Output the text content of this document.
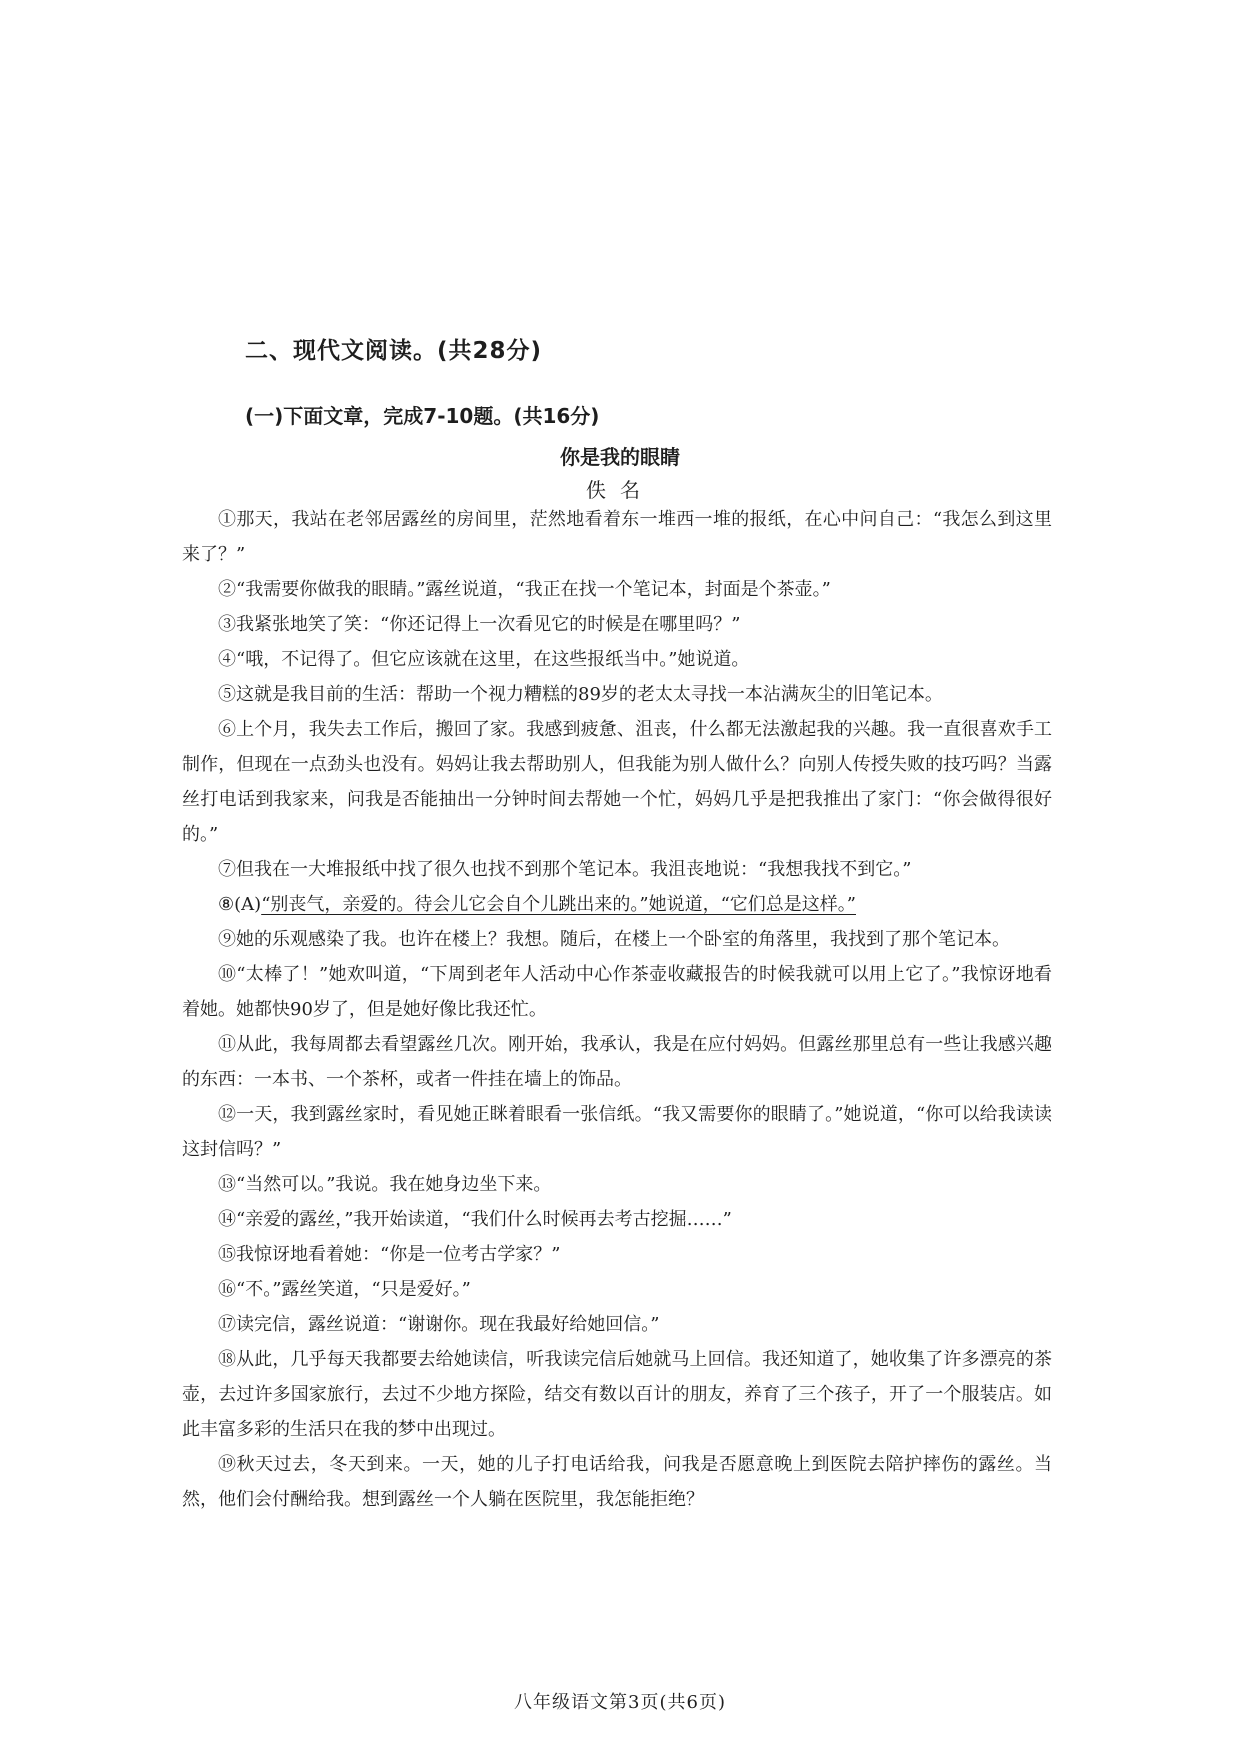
二、现代文阅读。(共28分)
(一)下面文章，完成7-10题。(共16分)
你是我的眼睛
佚名

①那天，我站在老邻居露丝的房间里，茫然地看着东一堆西一堆的报纸，在心中问自己：“我怎么到这里来了？”

②“我需要你做我的眼睛。”露丝说道，“我正在找一个笔记本，封面是个茶壶。”

③我紧张地笑了笑：“你还记得上一次看见它的时候是在哪里吗？”

④“哦，不记得了。但它应该就在这里，在这些报纸当中。”她说道。

⑤这就是我目前的生活：帮助一个视力糟糕的89岁的老太太寻找一本沾满灰尘的旧笔记本。

⑥上个月，我失去工作后，搬回了家。我感到疲惫、沮丧，什么都无法激起我的兴趣。我一直很喜欢手工制作，但现在一点劲头也没有。妈妈让我去帮助别人，但我能为别人做什么？向别人传授失败的技巧吗？当露丝打电话到我家来，问我是否能抽出一分钟时间去帮她一个忙，妈妈几乎是把我推出了家门：“你会做得很好的。”

⑦但我在一大堆报纸中找了很久也找不到那个笔记本。我沮丧地说：“我想我找不到它。”

⑧(A)“别丧气，亲爱的。待会儿它会自个儿跳出来的。”她说道，“它们总是这样。”

⑨她的乐观感染了我。也许在楼上？我想。随后，在楼上一个卧室的角落里，我找到了那个笔记本。

⑩“太棒了！”她欢叫道，“下周到老年人活动中心作茶壶收藏报告的时候我就可以用上它了。”我惊讶地看着她。她都快90岁了，但是她好像比我还忙。

⑪从此，我每周都去看望露丝几次。刚开始，我承认，我是在应付妈妈。但露丝那里总有一些让我感兴趣的东西：一本书、一个茶杯，或者一件挂在墙上的饰品。

⑫一天，我到露丝家时，看见她正眯着眼看一张信纸。“我又需要你的眼睛了。”她说道，“你可以给我读读这封信吗？”

⑬“当然可以。”我说。我在她身边坐下来。

⑭“亲爱的露丝，”我开始读道，“我们什么时候再去考古挖掘……”

⑮我惊讶地看着她：“你是一位考古学家？”

⑯“不。”露丝笑道，“只是爱好。”

⑰读完信，露丝说道：“谢谢你。现在我最好给她回信。”

⑱从此，几乎每天我都要去给她读信，听我读完信后她就马上回信。我还知道了，她收集了许多漂亮的茶壶，去过许多国家旅行，去过不少地方探险，结交有数以百计的朋友，养育了三个孩子，开了一个服装店。如此丰富多彩的生活只在我的梦中出现过。

⑲秋天过去，冬天到来。一天，她的儿子打电话给我，问我是否愿意晚上到医院去陪护摔伤的露丝。当然，他们会付酬给我。想到露丝一个人躺在医院里，我怎能拒绝？

八年级语文第3页(共6页)
